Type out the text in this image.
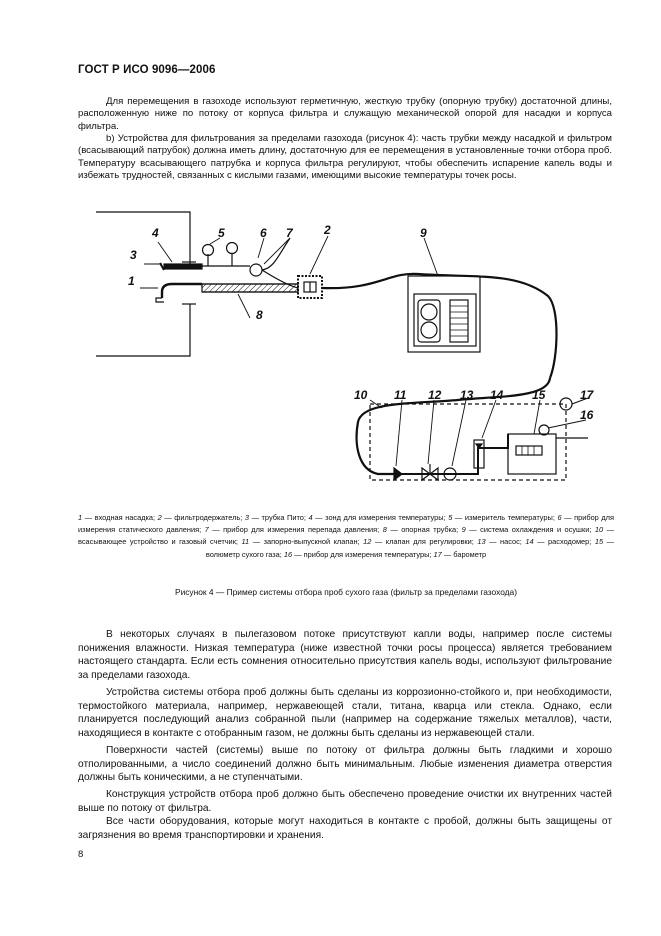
ГОСТ Р ИСО 9096—2006

Для перемещения в газоходе используют герметичную, жесткую трубку (опорную трубку) достаточной длины, расположенную ниже по потоку от корпуса фильтра и служащую механической опорой для насадки и корпуса фильтра.

b) Устройства для фильтрования за пределами газохода (рисунок 4): часть трубки между насадкой и фильтром (всасывающий патрубок) должна иметь длину, достаточную для ее перемещения в установленные точки отбора проб. Температуру всасывающего патрубка и корпуса фильтра регулируют, чтобы обеспечить испарение капель воды и избежать трудностей, связанных с кислыми газами, имеющими высокие температуры точек росы.

1
2
3
4	5	6 7
8
9
10 11 12 13 14 15
16
17
1 — входная насадка; 2 — фильтродержатель; 3 — трубка Пито; 4 — зонд для измерения температуры; 5 — измеритель температуры; 6 — прибор для измерения статического давления; 7 — прибор для измерения перепада давления; 8 — опорная трубка; 9 — система охлаждения и осушки; 10 — всасывающее устройство и газовый счетчик; 11 — запорно-выпускной клапан; 12 — клапан для регулировки; 13 — насос; 14 — расходомер; 15 — волюметр сухого газа; 16 — прибор для измерения температуры; 17 — барометр
Рисунок 4 — Пример системы отбора проб сухого газа (фильтр за пределами газохода)

В некоторых случаях в пылегазовом потоке присутствуют капли воды, например после системы понижения влажности. Низкая температура (ниже известной точки росы процесса) является требованием настоящего стандарта. Если есть сомнения относительно присутствия капель воды, используют фильтрование за пределами газохода.

Устройства системы отбора проб должны быть сделаны из коррозионно-стойкого и, при необходимости, термостойкого материала, например, нержавеющей стали, титана, кварца или стекла. Однако, если планируется последующий анализ собранной пыли (например на содержание тяжелых металлов), части, находящиеся в контакте с отобранным газом, не должны быть сделаны из нержавеющей стали.

Поверхности частей (системы) выше по потоку от фильтра должны быть гладкими и хорошо отполированными, а число соединений должно быть минимальным. Любые изменения диаметра отверстия должны быть коническими, а не ступенчатыми.

Конструкция устройств отбора проб должно быть обеспечено проведение очистки их внутренних частей выше по потоку от фильтра.

Все части оборудования, которые могут находиться в контакте с пробой, должны быть защищены от загрязнения во время транспортировки и хранения.

8
